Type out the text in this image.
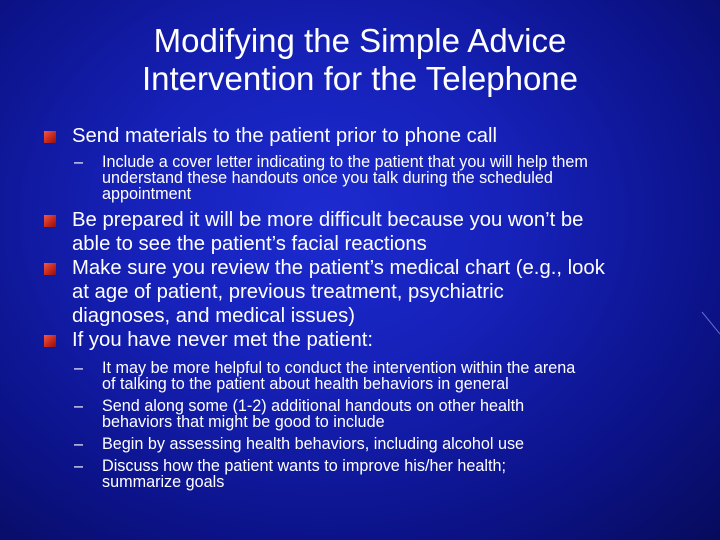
Modifying the Simple Advice
Intervention for the Telephone
Send materials to the patient prior to phone call
– Include a cover letter indicating to the patient that you will help them
understand these handouts once you talk during the scheduled
appointment
Be prepared it will be more difficult because you won’t be
able to see the patient’s facial reactions
Make sure you review the patient’s medical chart (e.g., look
at age of patient, previous treatment, psychiatric
diagnoses, and medical issues)
If you have never met the patient:
– It may be more helpful to conduct the intervention within the arena
of talking to the patient about health behaviors in general
– Send along some (1-2) additional handouts on other health
behaviors that might be good to include
– Begin by assessing health behaviors, including alcohol use
– Discuss how the patient wants to improve his/her health;
summarize goals
